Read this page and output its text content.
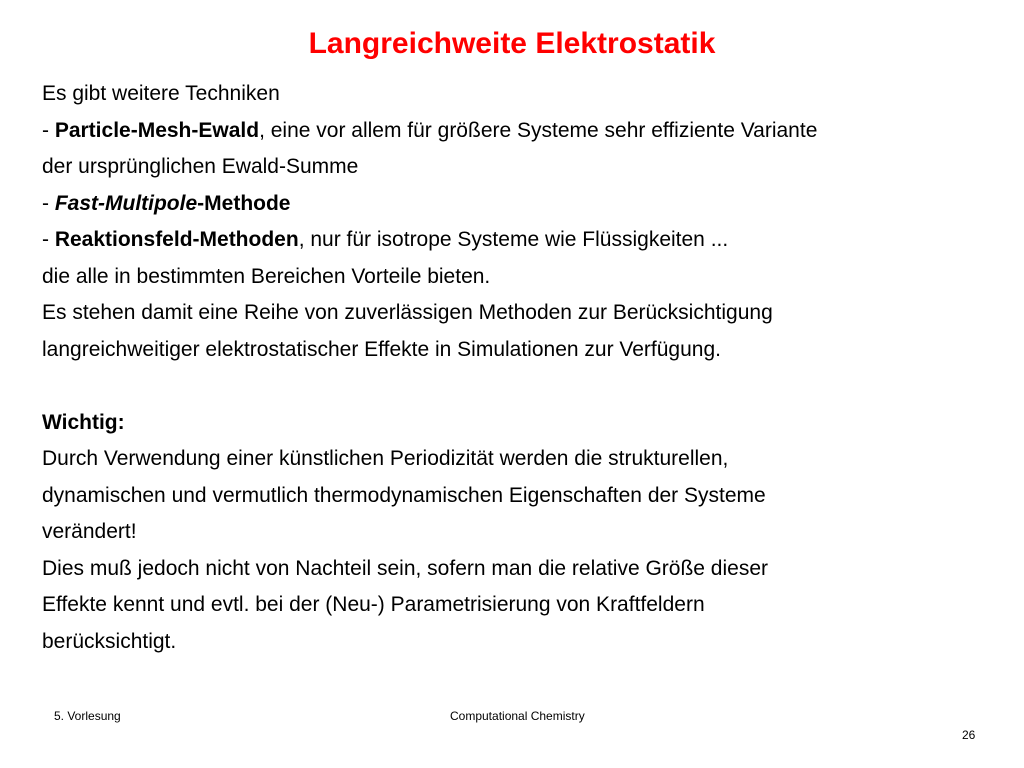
Langreichweite Elektrostatik
Es gibt weitere Techniken
- Particle-Mesh-Ewald, eine vor allem für größere Systeme sehr effiziente Variante
der ursprünglichen Ewald-Summe
- Fast-Multipole-Methode
- Reaktionsfeld-Methoden, nur für isotrope Systeme wie Flüssigkeiten ...
die alle in bestimmten Bereichen Vorteile bieten.
Es stehen damit eine Reihe von zuverlässigen Methoden zur Berücksichtigung
langreichweitiger elektrostatischer Effekte in Simulationen zur Verfügung.
Wichtig:
Durch Verwendung einer künstlichen Periodizität werden die strukturellen,
dynamischen und vermutlich thermodynamischen Eigenschaften der Systeme
verändert!
Dies muß jedoch nicht von Nachteil sein, sofern man die relative Größe dieser
Effekte kennt und evtl. bei der (Neu-) Parametrisierung von Kraftfeldern
berücksichtigt.
5. Vorlesung	Computational Chemistry
26
